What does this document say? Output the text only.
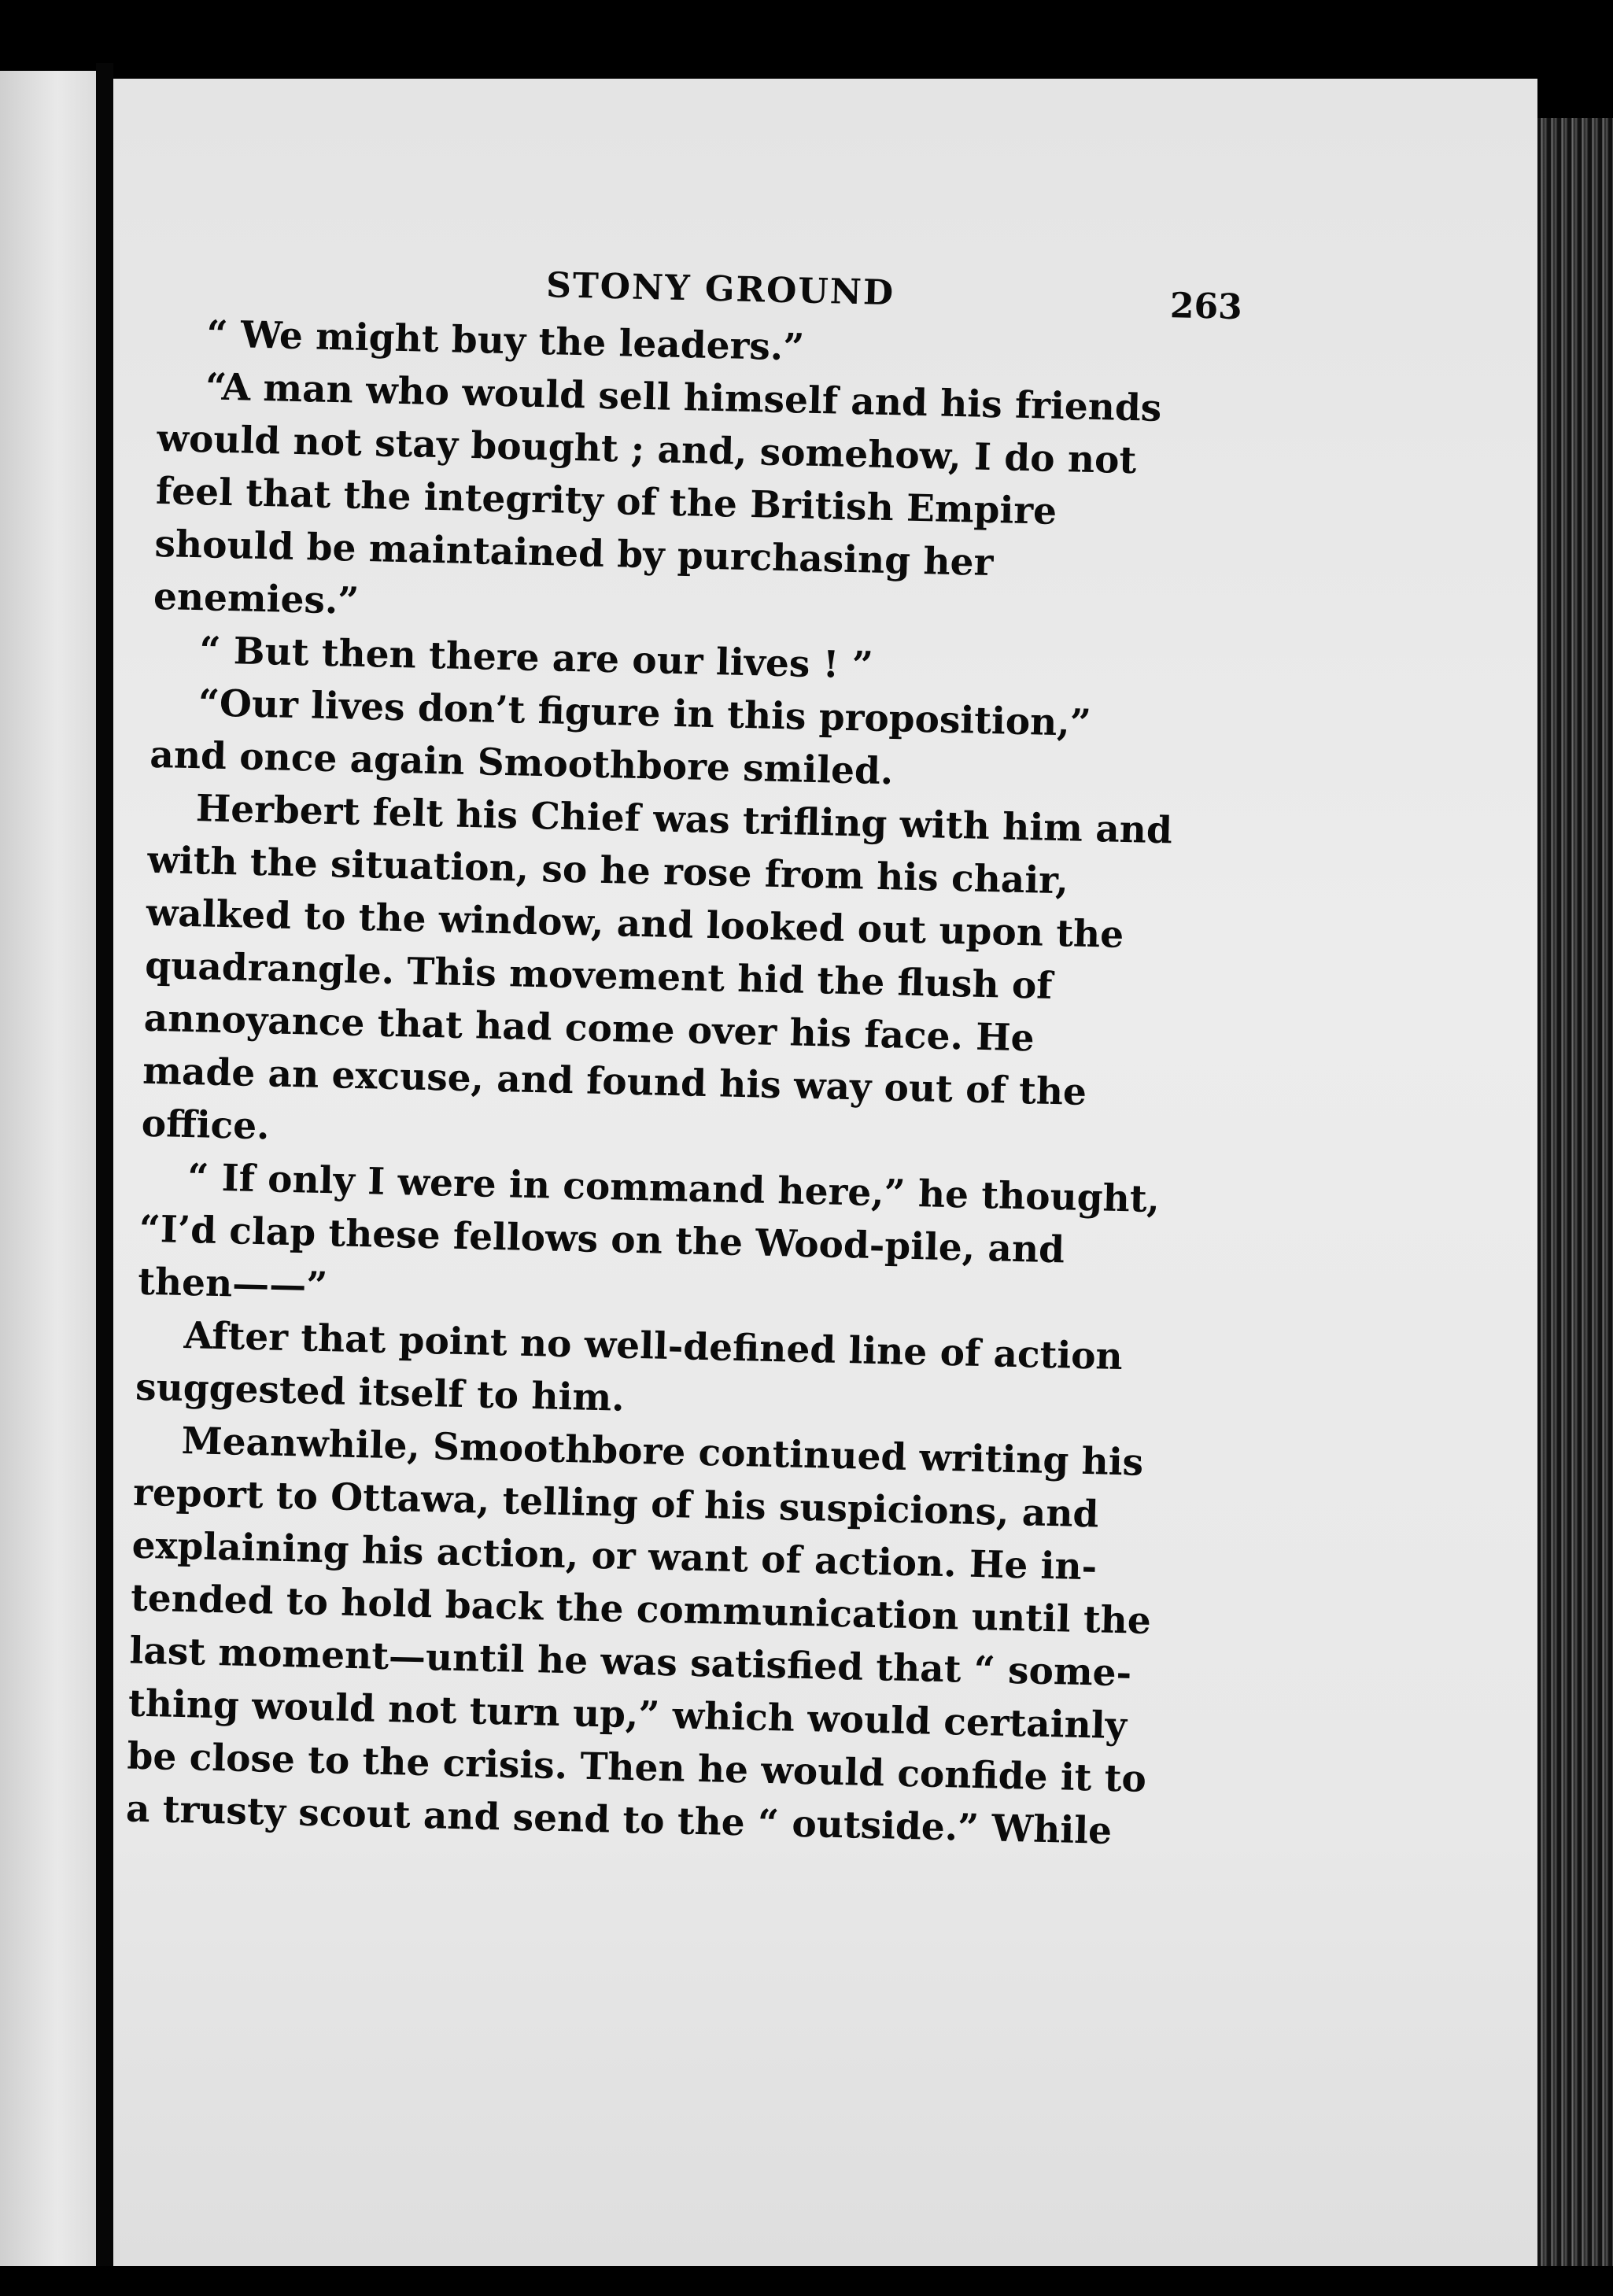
STONY GROUND	263

“ We might buy the leaders.”

“A man who would sell himself and his friends
would not stay bought ; and, somehow, I do not
feel that the integrity of the British Empire
should be maintained by purchasing her
enemies.”

“ But then there are our lives ! ”

“Our lives don’t figure in this proposition,”
and once again Smoothbore smiled.

Herbert felt his Chief was trifling with him and
with the situation, so he rose from his chair,
walked to the window, and looked out upon the
quadrangle. This movement hid the flush of
annoyance that had come over his face. He
made an excuse, and found his way out of the
office.

“ If only I were in command here,” he thought,
“I’d clap these fellows on the Wood-pile, and
then——”

After that point no well-defined line of action
suggested itself to him.

Meanwhile, Smoothbore continued writing his
report to Ottawa, telling of his suspicions, and
explaining his action, or want of action. He in-
tended to hold back the communication until the
last moment—until he was satisfied that “ some-
thing would not turn up,” which would certainly
be close to the crisis. Then he would confide it to
a trusty scout and send to the “ outside.” While
